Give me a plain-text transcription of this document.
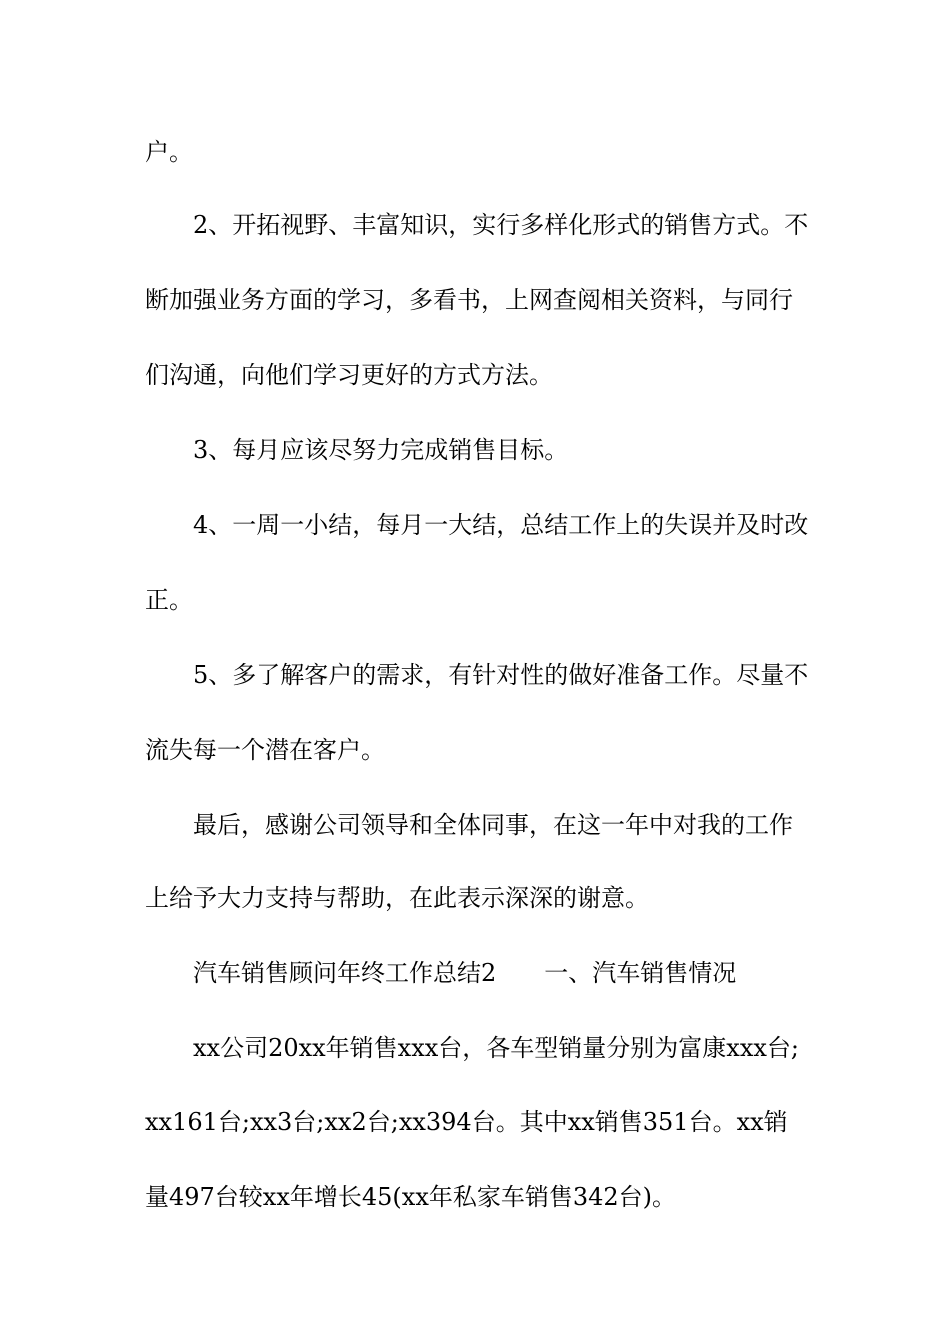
户。
2、开拓视野、丰富知识，实行多样化形式的销售方式。不
断加强业务方面的学习，多看书，上网查阅相关资料，与同行
们沟通，向他们学习更好的方式方法。
3、每月应该尽努力完成销售目标。
4、一周一小结，每月一大结，总结工作上的失误并及时改
正。
5、多了解客户的需求，有针对性的做好准备工作。尽量不
流失每一个潜在客户。
最后，感谢公司领导和全体同事，在这一年中对我的工作
上给予大力支持与帮助，在此表示深深的谢意。
汽车销售顾问年终工作总结2　　一、汽车销售情况
xx公司20xx年销售xxx台，各车型销量分别为富康xxx台;
xx161台;xx3台;xx2台;xx394台。其中xx销售351台。xx销
量497台较xx年增长45(xx年私家车销售342台)。
